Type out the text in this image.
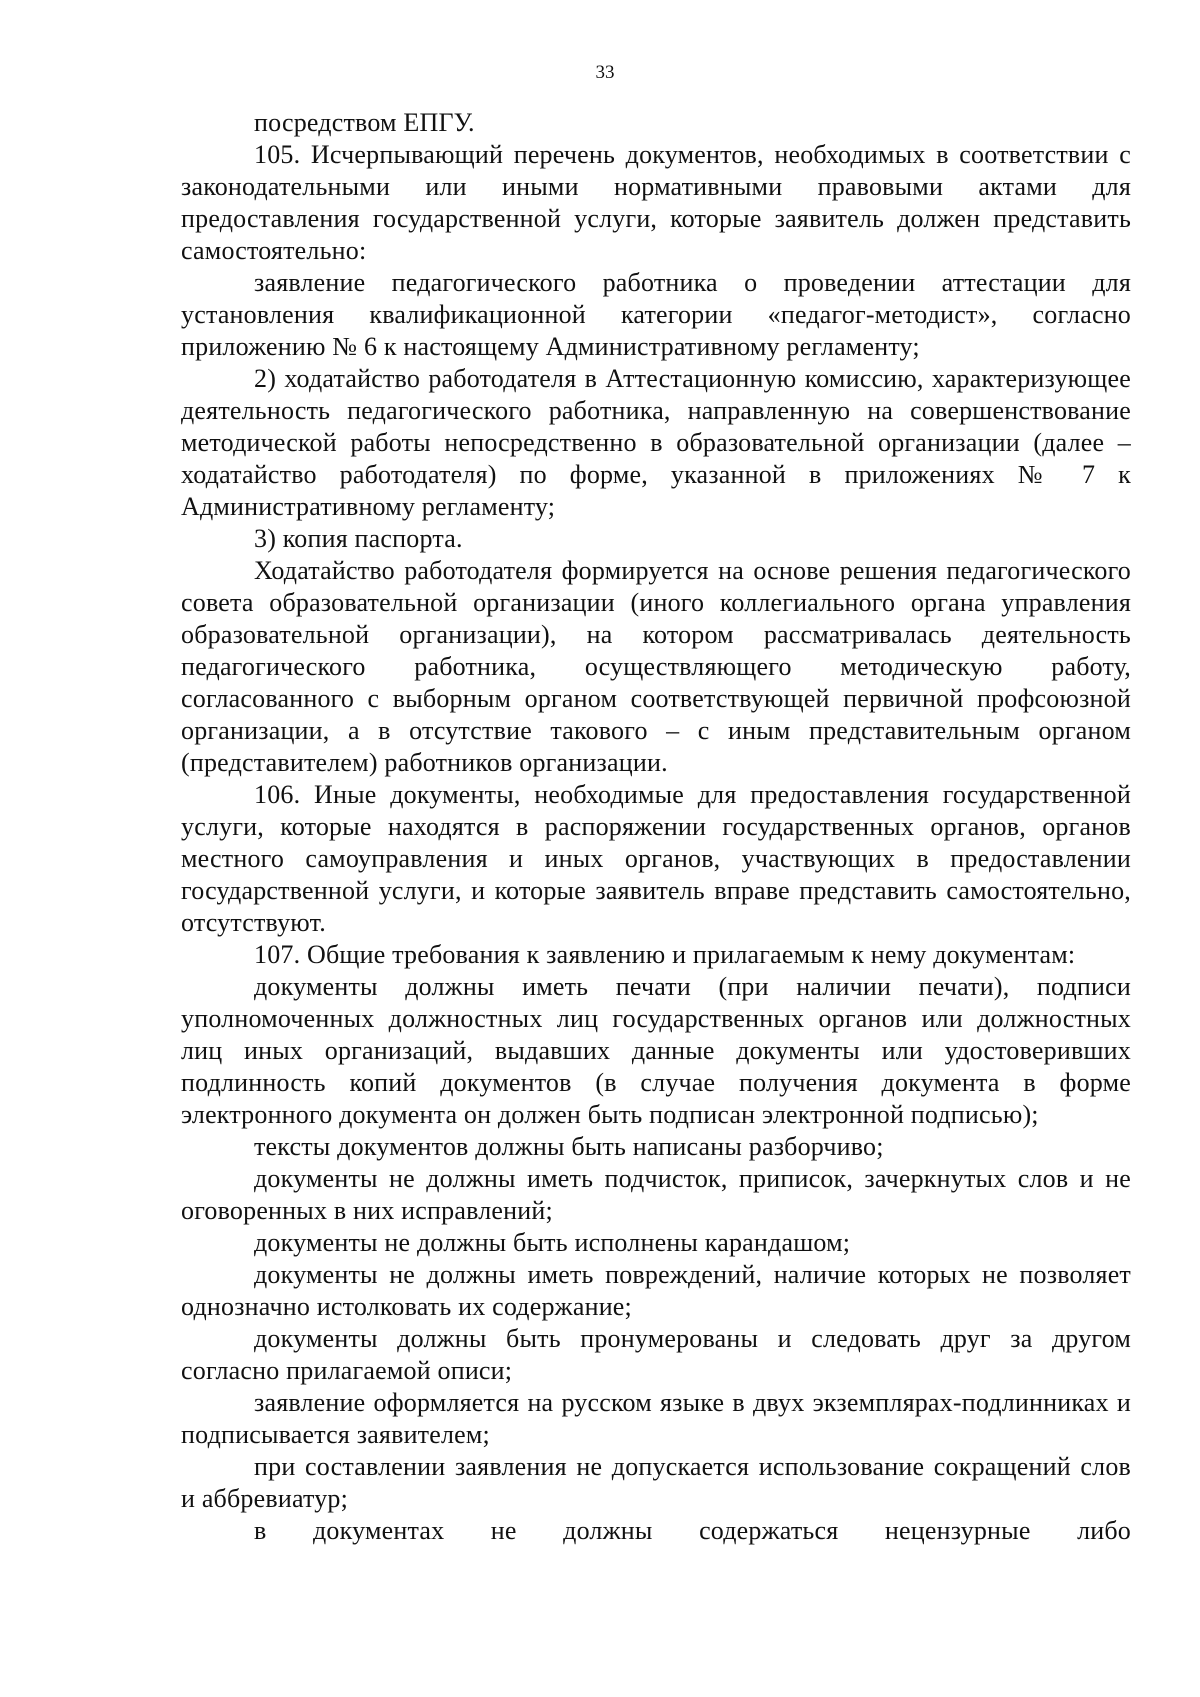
33

посредством ЕПГУ.

105. Исчерпывающий перечень документов, необходимых в соответствии с законодательными или иными нормативными правовыми актами для предоставления государственной услуги, которые заявитель должен представить самостоятельно:

заявление педагогического работника о проведении аттестации для установления квалификационной категории «педагог-методист», согласно приложению № 6 к настоящему Административному регламенту;

2) ходатайство работодателя в Аттестационную комиссию, характеризующее деятельность педагогического работника, направленную на совершенствование методической работы непосредственно в образовательной организации (далее – ходатайство работодателя) по форме, указанной в приложениях № 7 к Административному регламенту;

3) копия паспорта.

Ходатайство работодателя формируется на основе решения педагогического совета образовательной организации (иного коллегиального органа управления образовательной организации), на котором рассматривалась деятельность педагогического работника, осуществляющего методическую работу, согласованного с выборным органом соответствующей первичной профсоюзной организации, а в отсутствие такового – с иным представительным органом (представителем) работников организации.

106. Иные документы, необходимые для предоставления государственной услуги, которые находятся в распоряжении государственных органов, органов местного самоуправления и иных органов, участвующих в предоставлении государственной услуги, и которые заявитель вправе представить самостоятельно, отсутствуют.

107. Общие требования к заявлению и прилагаемым к нему документам:

документы должны иметь печати (при наличии печати), подписи уполномоченных должностных лиц государственных органов или должностных лиц иных организаций, выдавших данные документы или удостоверивших подлинность копий документов (в случае получения документа в форме электронного документа он должен быть подписан электронной подписью);

тексты документов должны быть написаны разборчиво;

документы не должны иметь подчисток, приписок, зачеркнутых слов и не оговоренных в них исправлений;

документы не должны быть исполнены карандашом;

документы не должны иметь повреждений, наличие которых не позволяет однозначно истолковать их содержание;

документы должны быть пронумерованы и следовать друг за другом согласно прилагаемой описи;

заявление оформляется на русском языке в двух экземплярах-подлинниках и подписывается заявителем;

при составлении заявления не допускается использование сокращений слов и аббревиатур;

в документах не должны содержаться нецензурные либо
